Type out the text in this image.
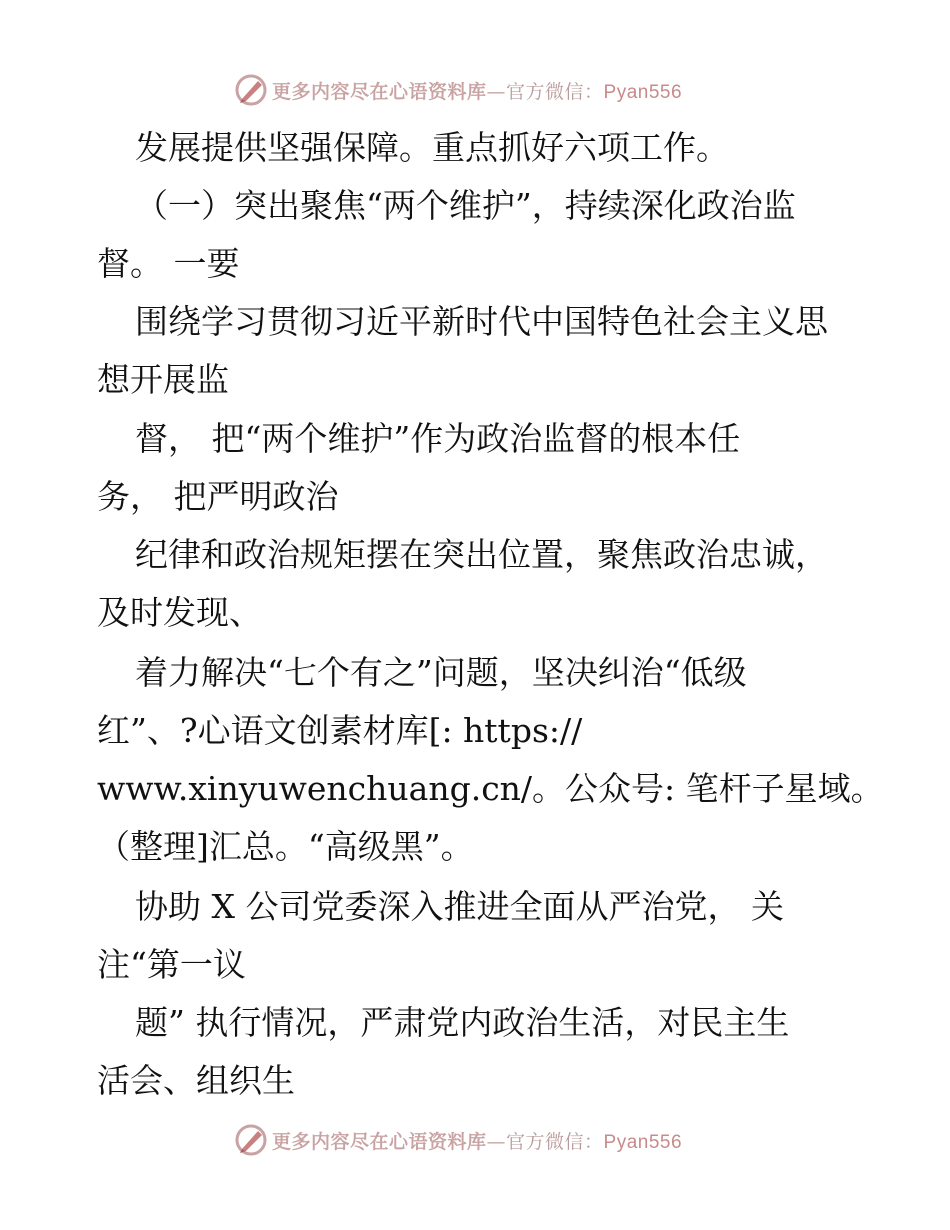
更多内容尽在心语资料库—官方微信：Pyan556
发展提供坚强保障。重点抓好六项工作。
（一）突出聚焦“两个维护”，持续深化政治监
督。 一要
围绕学习贯彻习近平新时代中国特色社会主义思
想开展监
督， 把“两个维护”作为政治监督的根本任
务， 把严明政治
纪律和政治规矩摆在突出位置，聚焦政治忠诚，
及时发现、
着力解决“七个有之”问题，坚决纠治“低级
红”、?心语文创素材库[: https://
www.xinyuwenchuang.cn/。公众号: 笔杆子星域。
（整理]汇总。“高级黑”。
协助 X 公司党委深入推进全面从严治党， 关
注“第一议
题” 执行情况，严肃党内政治生活，对民主生
活会、组织生
更多内容尽在心语资料库—官方微信：Pyan556
